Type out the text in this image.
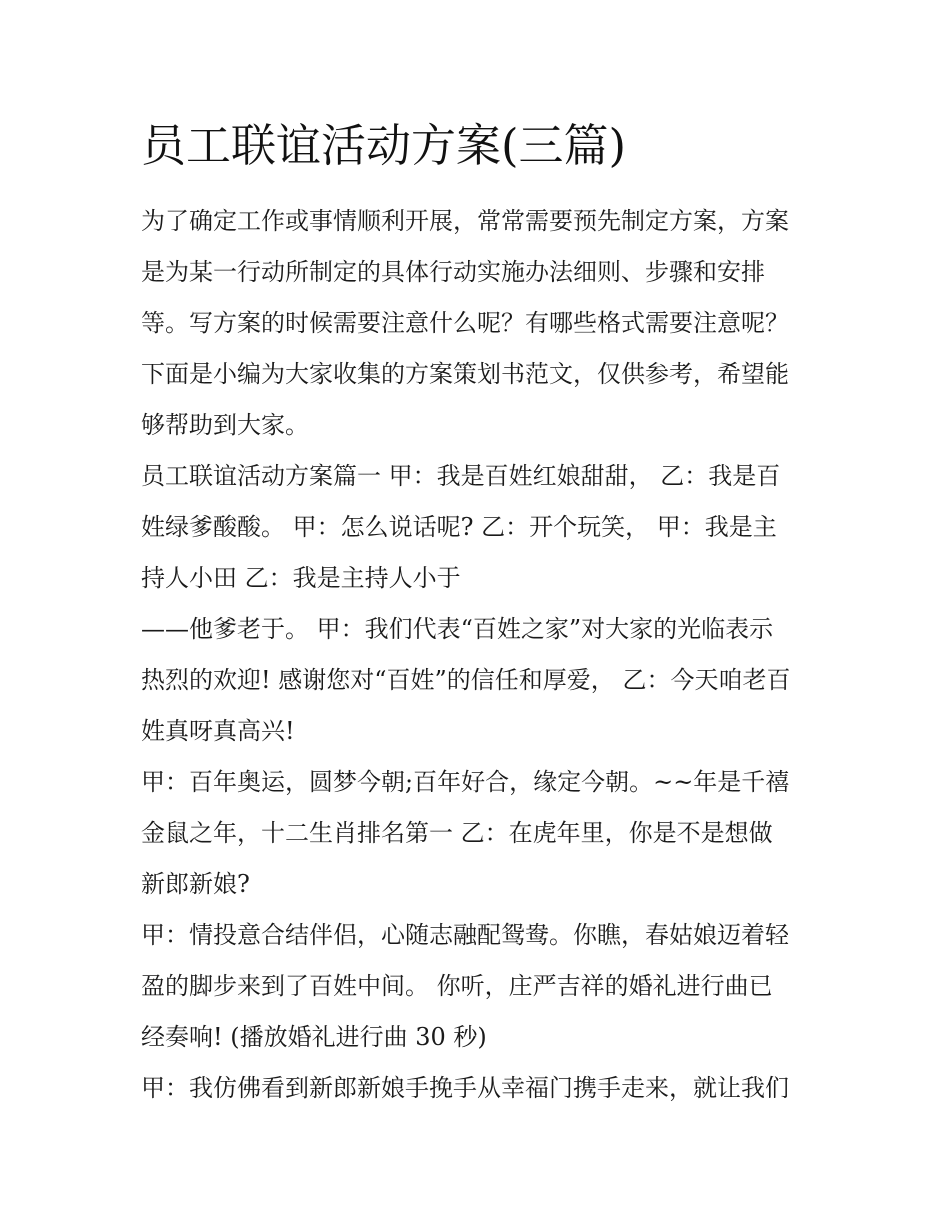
员工联谊活动方案(三篇)
为了确定工作或事情顺利开展，常常需要预先制定方案，方案
是为某一行动所制定的具体行动实施办法细则、步骤和安排
等。写方案的时候需要注意什么呢？有哪些格式需要注意呢？
下面是小编为大家收集的方案策划书范文，仅供参考，希望能
够帮助到大家。
员工联谊活动方案篇一 甲：我是百姓红娘甜甜， 乙：我是百
姓绿爹酸酸。 甲：怎么说话呢? 乙：开个玩笑， 甲：我是主
持人小田 乙：我是主持人小于
——他爹老于。 甲：我们代表“百姓之家”对大家的光临表示
热烈的欢迎! 感谢您对“百姓”的信任和厚爱， 乙：今天咱老百
姓真呀真高兴!
甲：百年奥运，圆梦今朝;百年好合，缘定今朝。~~年是千禧
金鼠之年，十二生肖排名第一 乙：在虎年里，你是不是想做
新郎新娘?
甲：情投意合结伴侣，心随志融配鸳鸯。你瞧，春姑娘迈着轻
盈的脚步来到了百姓中间。 你听，庄严吉祥的婚礼进行曲已
经奏响! (播放婚礼进行曲 30 秒)
甲：我仿佛看到新郎新娘手挽手从幸福门携手走来，就让我们
